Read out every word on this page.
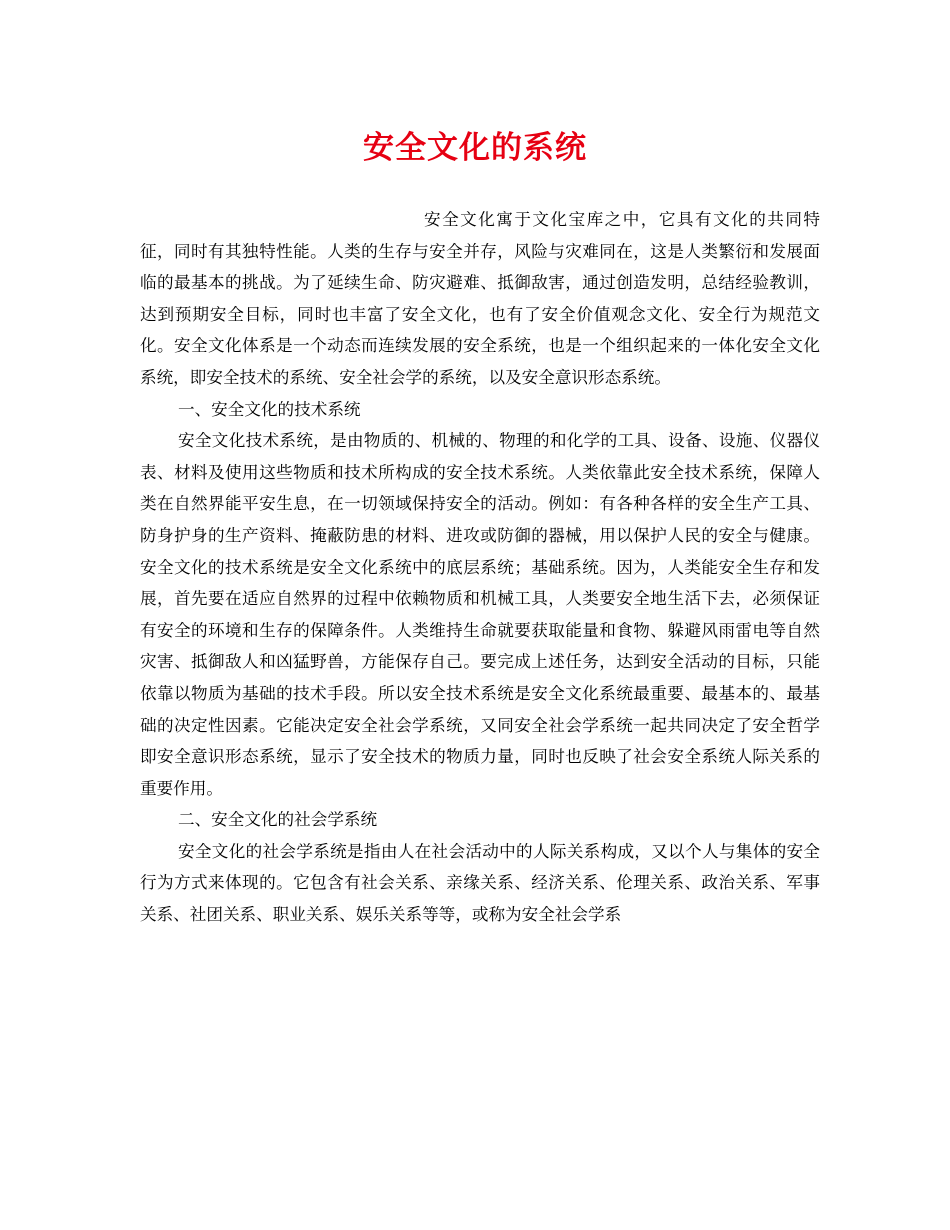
安全文化的系统

安全文化寓于文化宝库之中，它具有文化的共同特征，同时有其独特性能。人类的生存与安全并存，风险与灾难同在，这是人类繁衍和发展面临的最基本的挑战。为了延续生命、防灾避难、抵御敌害，通过创造发明，总结经验教训，达到预期安全目标，同时也丰富了安全文化，也有了安全价值观念文化、安全行为规范文化。安全文化体系是一个动态而连续发展的安全系统，也是一个组织起来的一体化安全文化系统，即安全技术的系统、安全社会学的系统，以及安全意识形态系统。

一、安全文化的技术系统

安全文化技术系统，是由物质的、机械的、物理的和化学的工具、设备、设施、仪器仪表、材料及使用这些物质和技术所构成的安全技术系统。人类依靠此安全技术系统，保障人类在自然界能平安生息，在一切领域保持安全的活动。例如：有各种各样的安全生产工具、防身护身的生产资料、掩蔽防患的材料、进攻或防御的器械，用以保护人民的安全与健康。安全文化的技术系统是安全文化系统中的底层系统；基础系统。因为，人类能安全生存和发展，首先要在适应自然界的过程中依赖物质和机械工具，人类要安全地生活下去，必须保证有安全的环境和生存的保障条件。人类维持生命就要获取能量和食物、躲避风雨雷电等自然灾害、抵御敌人和凶猛野兽，方能保存自己。要完成上述任务，达到安全活动的目标，只能依靠以物质为基础的技术手段。所以安全技术系统是安全文化系统最重要、最基本的、最基础的决定性因素。它能决定安全社会学系统，又同安全社会学系统一起共同决定了安全哲学即安全意识形态系统，显示了安全技术的物质力量，同时也反映了社会安全系统人际关系的重要作用。

二、安全文化的社会学系统

安全文化的社会学系统是指由人在社会活动中的人际关系构成，又以个人与集体的安全行为方式来体现的。它包含有社会关系、亲缘关系、经济关系、伦理关系、政治关系、军事关系、社团关系、职业关系、娱乐关系等等，或称为安全社会学系
